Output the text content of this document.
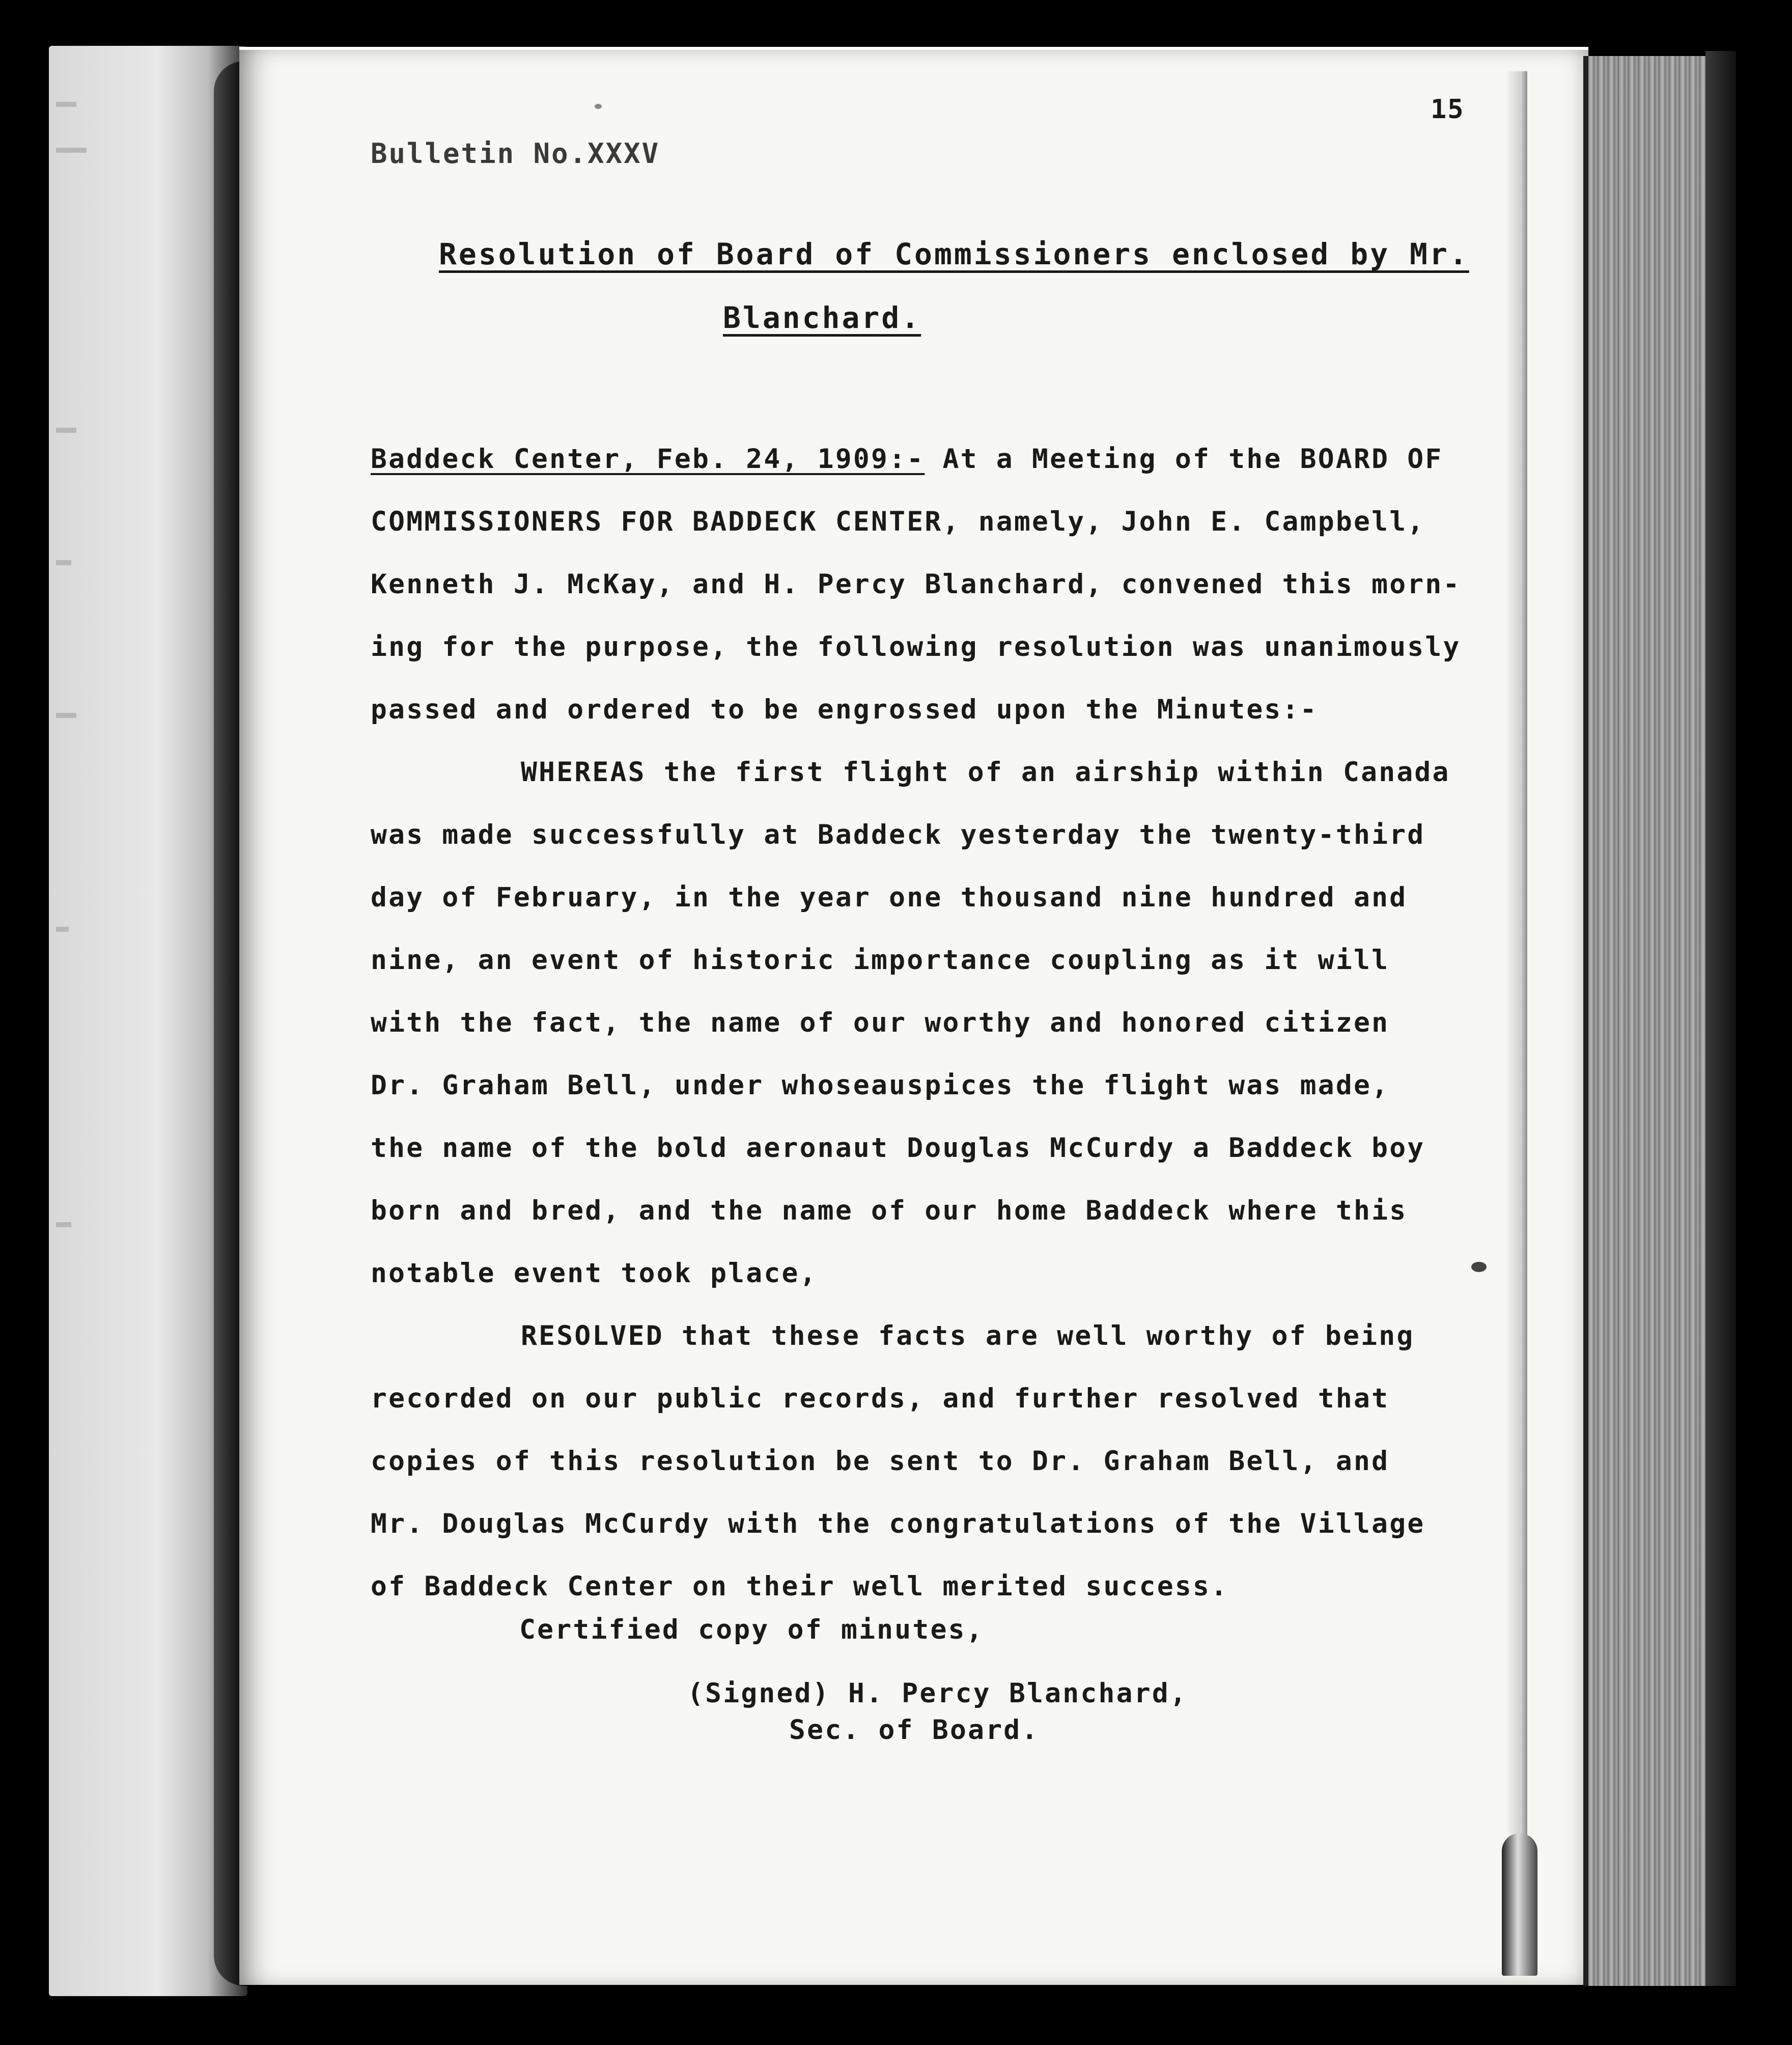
15
Bulletin No.XXXV
Resolution of Board of Commissioners enclosed by Mr.
Blanchard.
Baddeck Center, Feb. 24, 1909:- At a Meeting of the BOARD OF
COMMISSIONERS FOR BADDECK CENTER, namely, John E. Campbell,
Kenneth J. McKay, and H. Percy Blanchard, convened this morn-
ing for the purpose, the following resolution was unanimously
passed and ordered to be engrossed upon the Minutes:-
WHEREAS the first flight of an airship within Canada
was made successfully at Baddeck yesterday the twenty-third
day of February, in the year one thousand nine hundred and
nine, an event of historic importance coupling as it will
with the fact, the name of our worthy and honored citizen
Dr. Graham Bell, under whoseauspices the flight was made,
the name of the bold aeronaut Douglas McCurdy a Baddeck boy
born and bred, and the name of our home Baddeck where this
notable event took place,
RESOLVED that these facts are well worthy of being
recorded on our public records, and further resolved that
copies of this resolution be sent to Dr. Graham Bell, and
Mr. Douglas McCurdy with the congratulations of the Village
of Baddeck Center on their well merited success.
Certified copy of minutes,
(Signed) H. Percy Blanchard,
Sec. of Board.
